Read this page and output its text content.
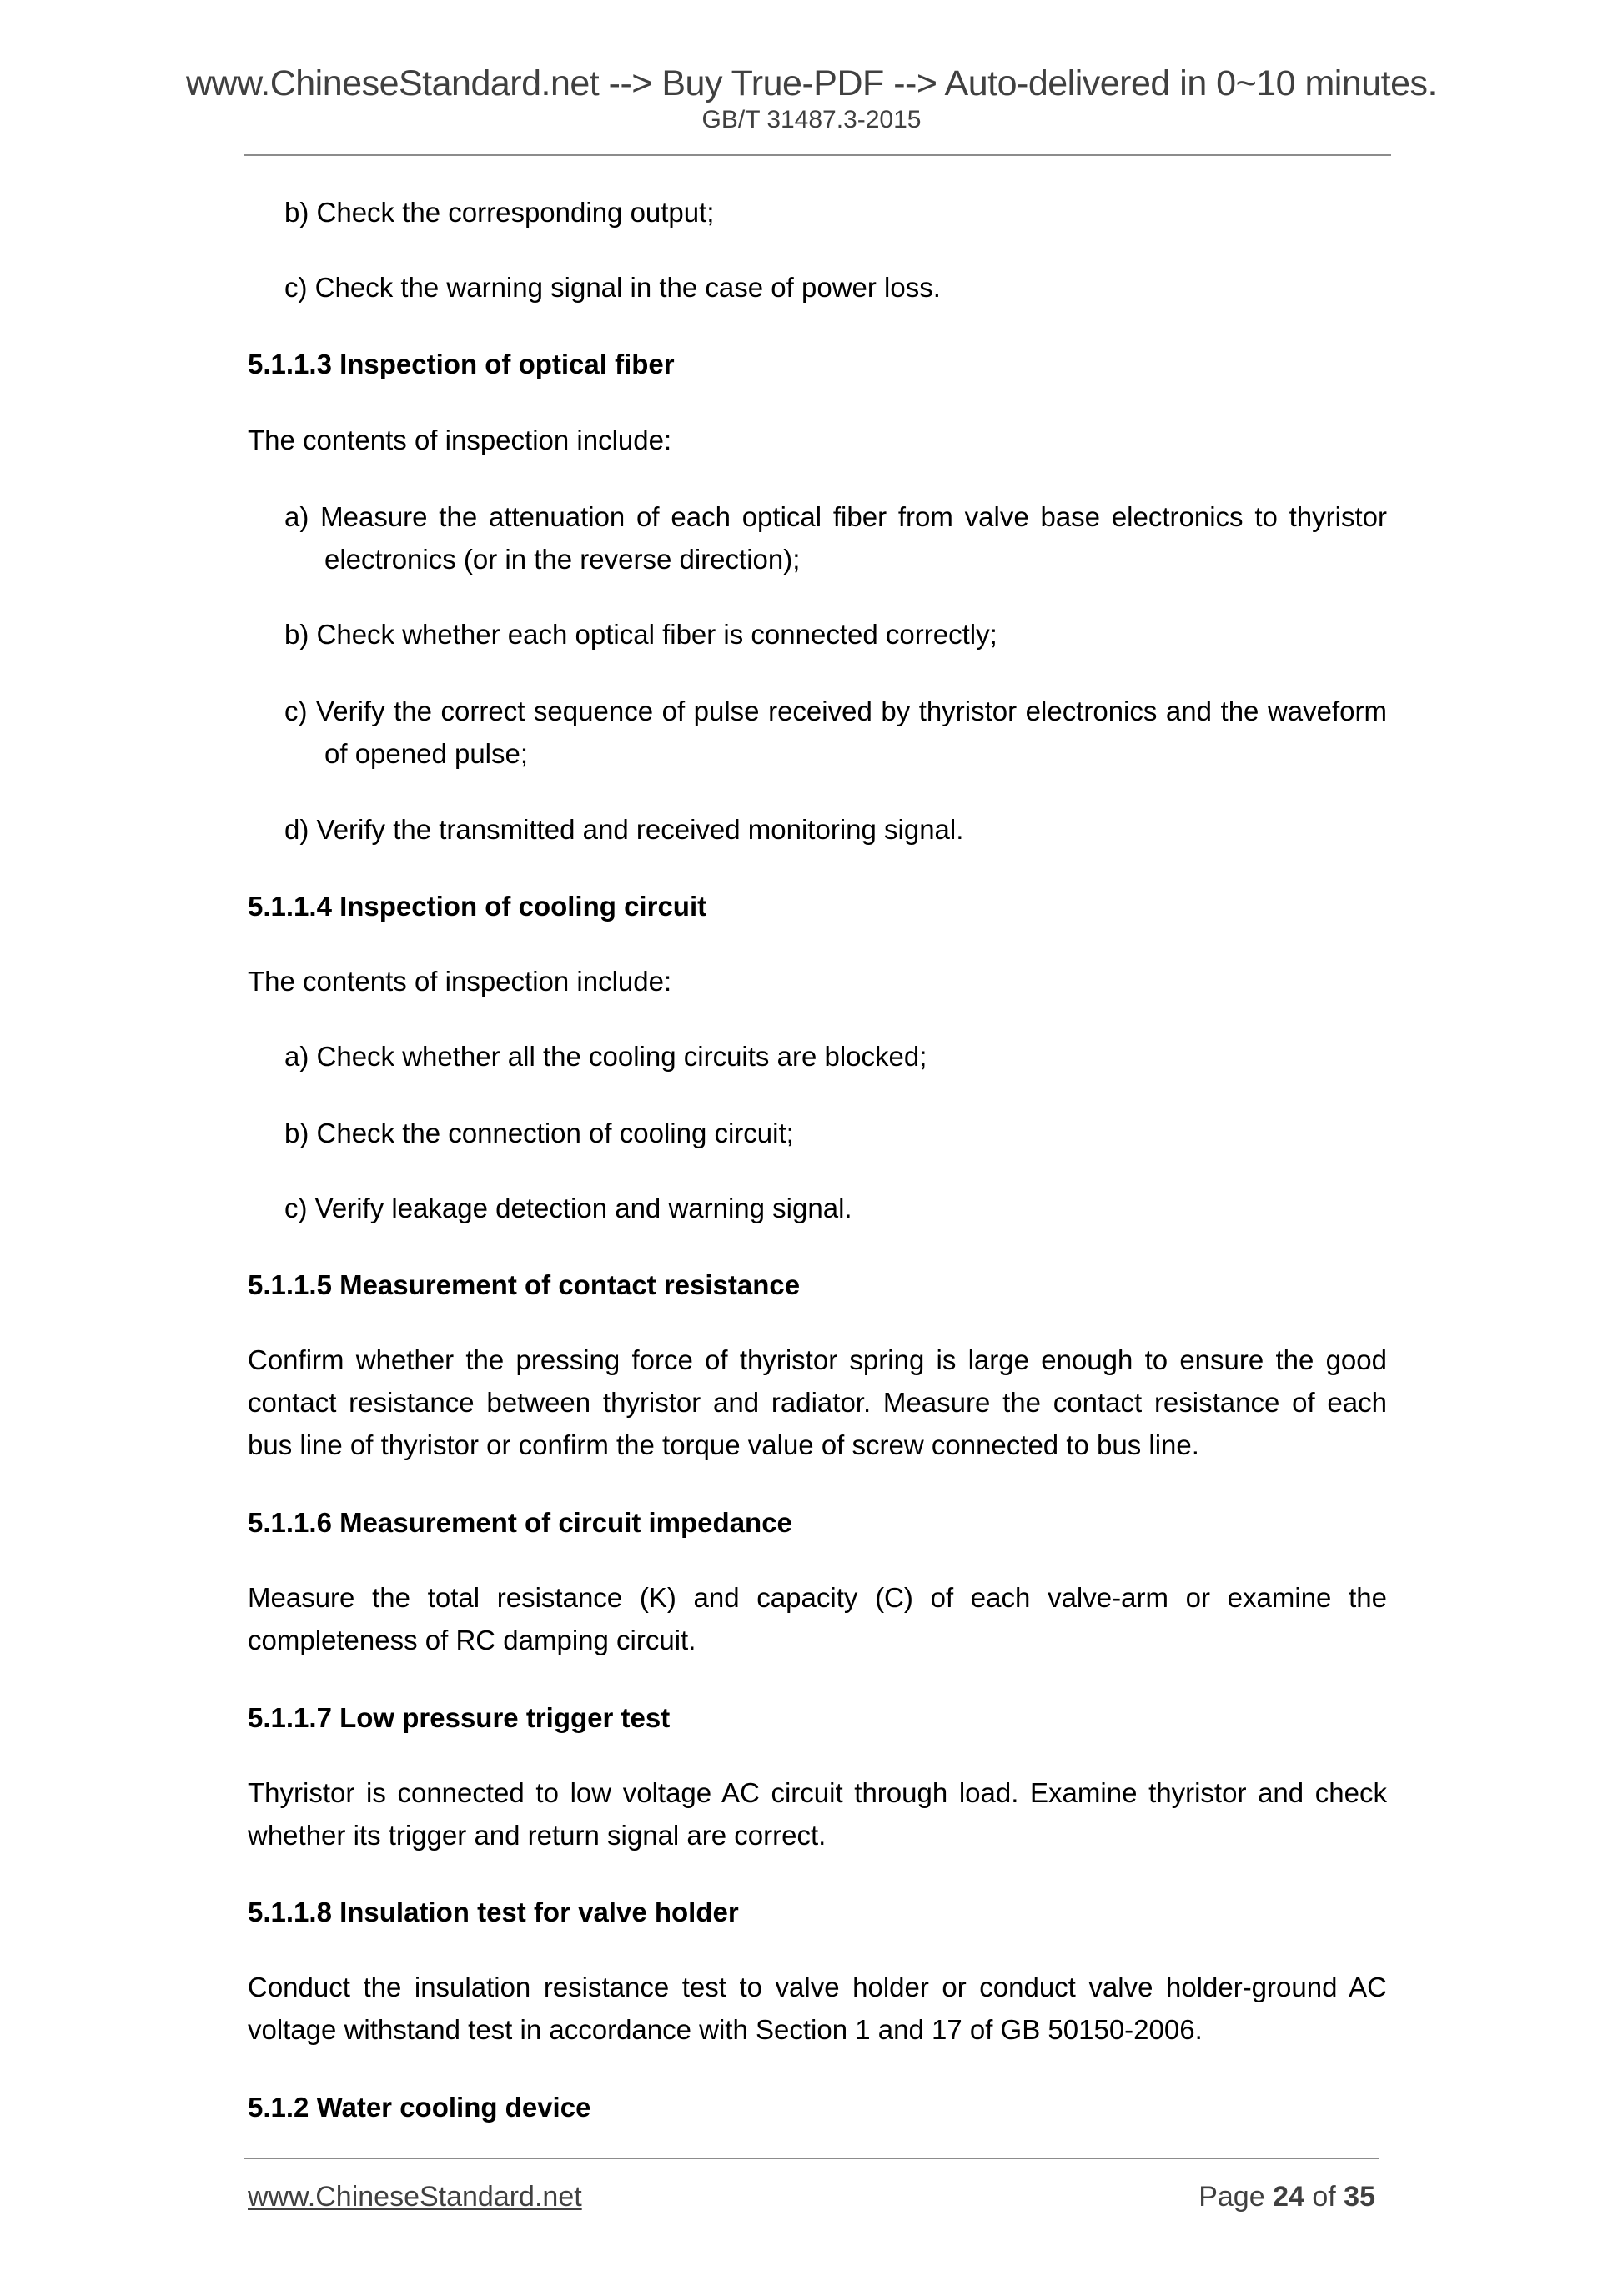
www.ChineseStandard.net --> Buy True-PDF --> Auto-delivered in 0~10 minutes.
GB/T 31487.3-2015
b) Check the corresponding output;
c) Check the warning signal in the case of power loss.
5.1.1.3 Inspection of optical fiber
The contents of inspection include:
a) Measure the attenuation of each optical fiber from valve base electronics to thyristor electronics (or in the reverse direction);
b) Check whether each optical fiber is connected correctly;
c) Verify the correct sequence of pulse received by thyristor electronics and the waveform of opened pulse;
d) Verify the transmitted and received monitoring signal.
5.1.1.4 Inspection of cooling circuit
The contents of inspection include:
a) Check whether all the cooling circuits are blocked;
b) Check the connection of cooling circuit;
c) Verify leakage detection and warning signal.
5.1.1.5 Measurement of contact resistance
Confirm whether the pressing force of thyristor spring is large enough to ensure the good contact resistance between thyristor and radiator. Measure the contact resistance of each bus line of thyristor or confirm the torque value of screw connected to bus line.
5.1.1.6 Measurement of circuit impedance
Measure the total resistance (K) and capacity (C) of each valve-arm or examine the completeness of RC damping circuit.
5.1.1.7 Low pressure trigger test
Thyristor is connected to low voltage AC circuit through load. Examine thyristor and check whether its trigger and return signal are correct.
5.1.1.8 Insulation test for valve holder
Conduct the insulation resistance test to valve holder or conduct valve holder-ground AC voltage withstand test in accordance with Section 1 and 17 of GB 50150-2006.
5.1.2 Water cooling device
www.ChineseStandard.net	Page 24 of 35
